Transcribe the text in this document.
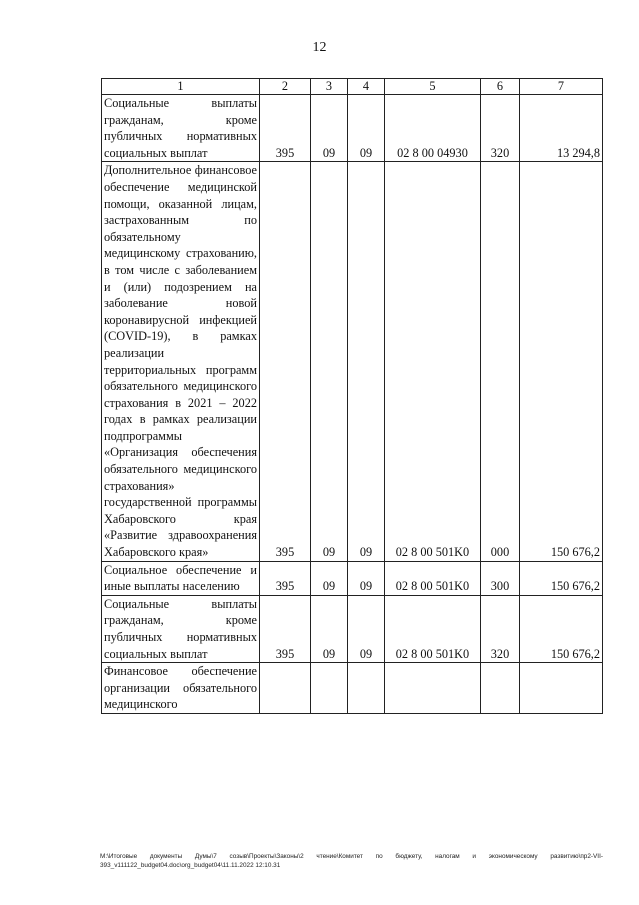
12
1	2	3	4	5	6	7
Социальные выплаты гражданам, кроме публичных нормативных социальных выплат	395	09	09	02 8 00 04930	320	13 294,8
Дополнительное финансовое обеспечение медицинской помощи, оказанной лицам, застрахованным по обязательному медицинскому страхованию, в том числе с заболеванием и (или) подозрением на заболевание новой коронавирусной инфекцией (COVID-19), в рамках реализации территориальных программ обязательного медицинского страхования в 2021 – 2022 годах в рамках реализации подпрограммы «Организация обеспечения обязательного медицинского страхования» государственной программы Хабаровского края «Развитие здравоохранения Хабаровского края»	395	09	09	02 8 00 501K0	000	150 676,2
Социальное обеспечение и иные выплаты населению	395	09	09	02 8 00 501K0	300	150 676,2
Социальные выплаты гражданам, кроме публичных нормативных социальных выплат	395	09	09	02 8 00 501K0	320	150 676,2
Финансовое обеспечение организации обязательного медицинского						
М:\Итоговые документы Думы\7 созыв\Проекты\Законы\2 чтение\Комитет по бюджету, налогам и экономическому развитию\пр2-VII-393_v111122_budget04.doc\org_budget04\11.11.2022 12:10.31
